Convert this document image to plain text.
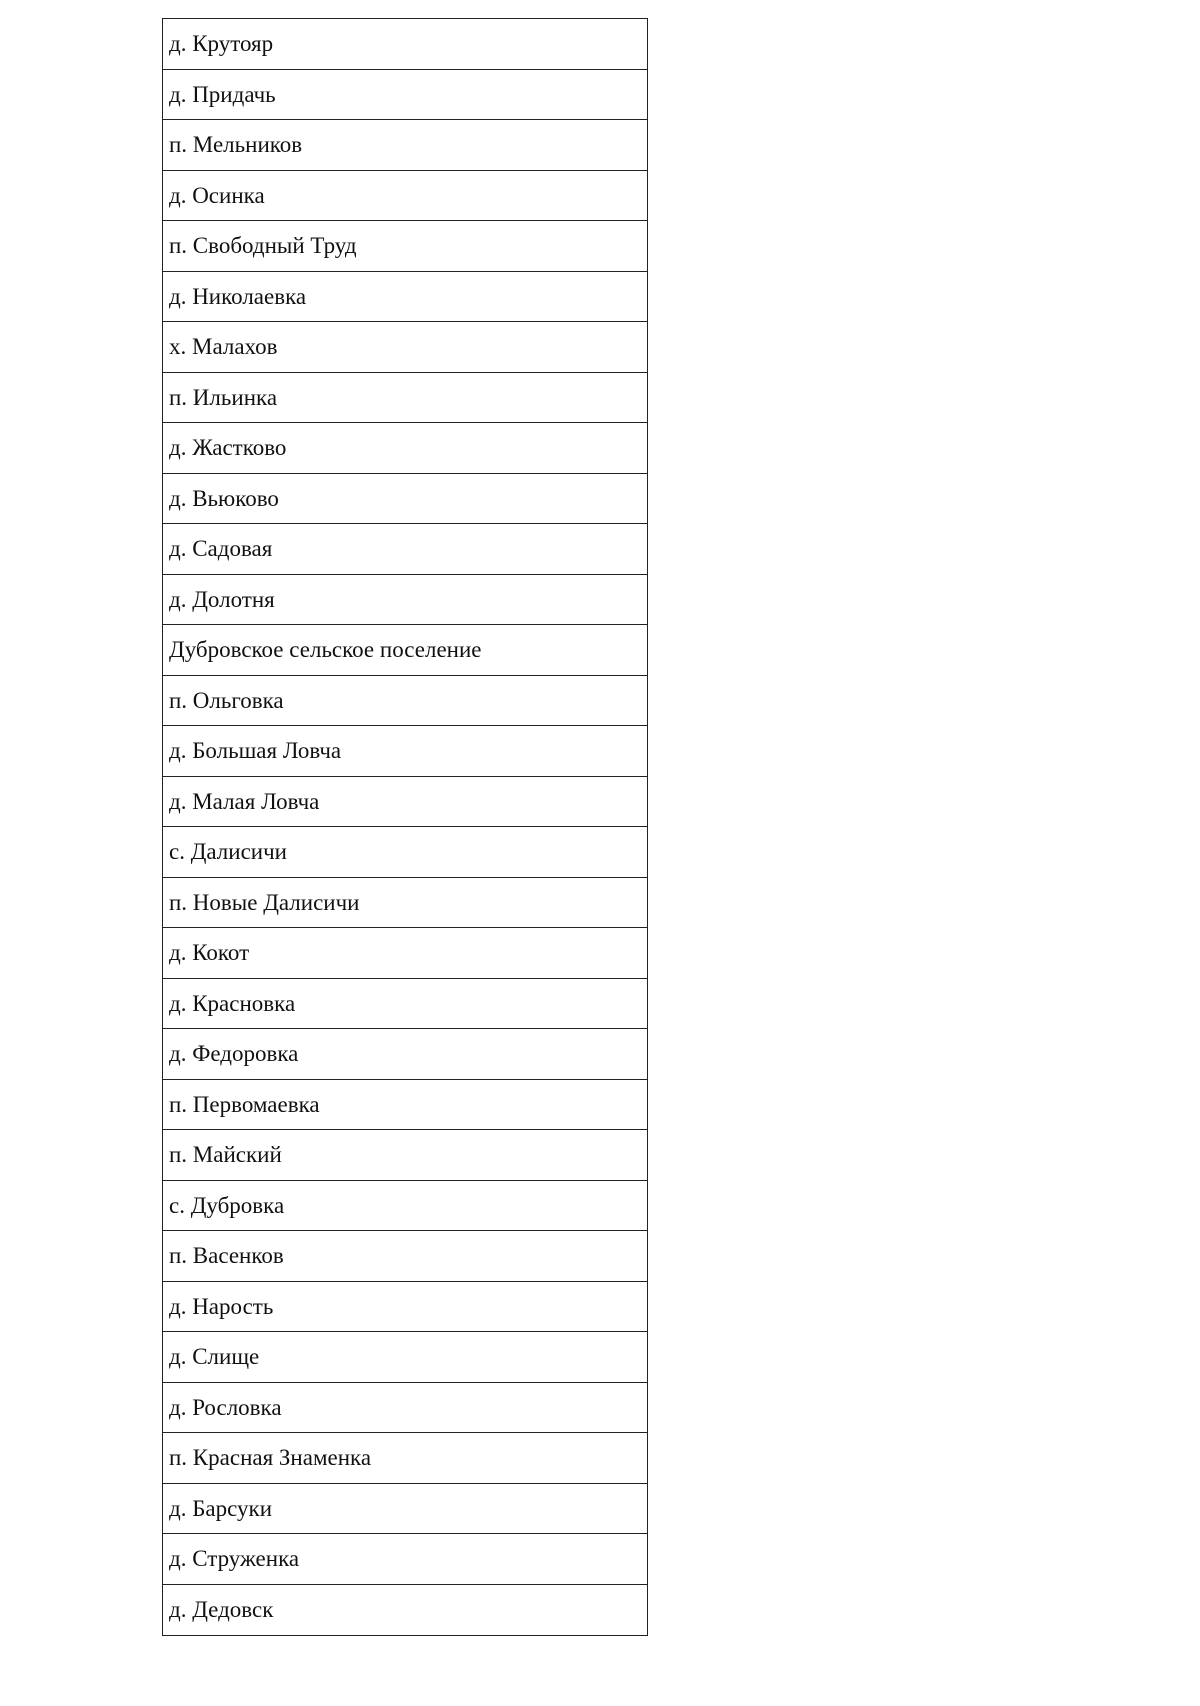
д. Крутояр
д. Придачь
п. Мельников
д. Осинка
п. Свободный Труд
д. Николаевка
х. Малахов
п. Ильинка
д. Жастково
д. Вьюково
д. Садовая
д. Долотня
Дубровское сельское поселение
п. Ольговка
д. Большая Ловча
д. Малая Ловча
с. Далисичи
п. Новые Далисичи
д. Кокот
д. Красновка
д. Федоровка
п. Первомаевка
п. Майский
с. Дубровка
п. Васенков
д. Нарость
д. Слище
д. Рословка
п. Красная Знаменка
д. Барсуки
д. Струженка
д. Дедовск
